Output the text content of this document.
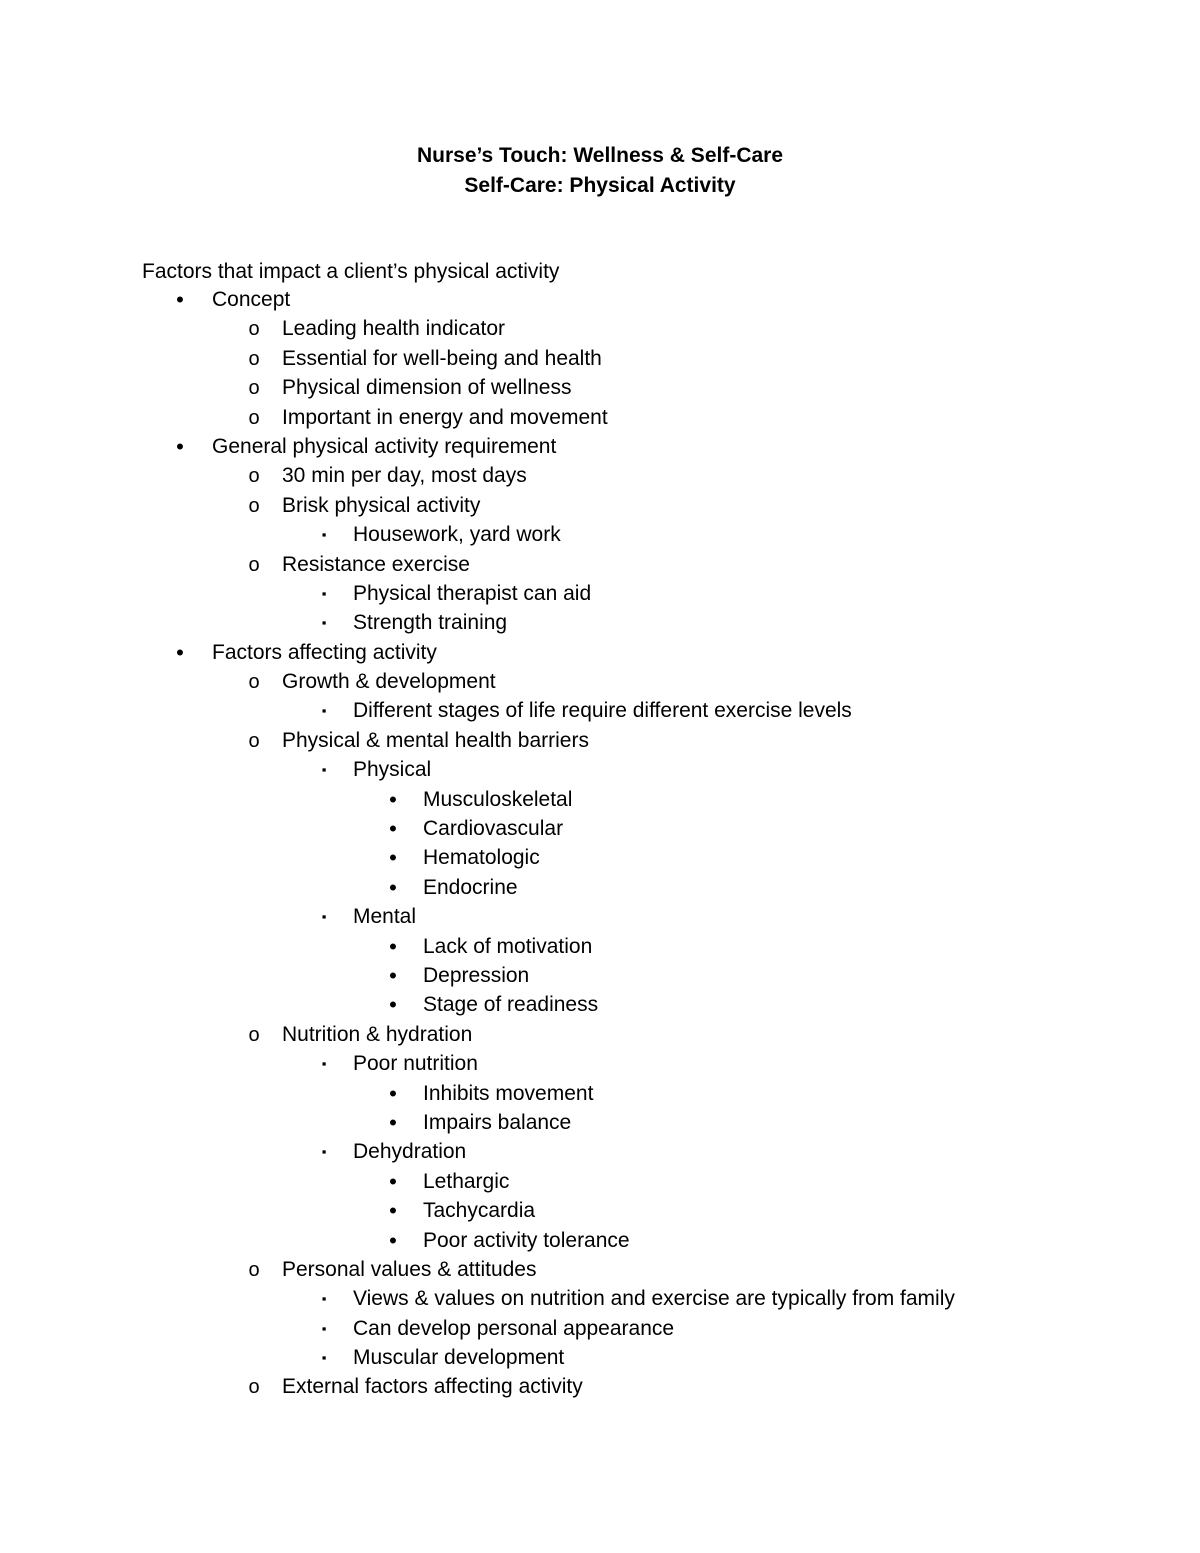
Nurse’s Touch: Wellness & Self-Care
Self-Care: Physical Activity
Factors that impact a client’s physical activity
•	Concept
o	Leading health indicator
o	Essential for well-being and health
o	Physical dimension of wellness
o	Important in energy and movement
•	General physical activity requirement
o	30 min per day, most days
o	Brisk physical activity
▪	Housework, yard work
o	Resistance exercise
▪	Physical therapist can aid
▪	Strength training
•	Factors affecting activity
o	Growth & development
▪	Different stages of life require different exercise levels
o	Physical & mental health barriers
▪	Physical
•	Musculoskeletal
•	Cardiovascular
•	Hematologic
•	Endocrine
▪	Mental
•	Lack of motivation
•	Depression
•	Stage of readiness
o	Nutrition & hydration
▪	Poor nutrition
•	Inhibits movement
•	Impairs balance
▪	Dehydration
•	Lethargic
•	Tachycardia
•	Poor activity tolerance
o	Personal values & attitudes
▪	Views & values on nutrition and exercise are typically from family
▪	Can develop personal appearance
▪	Muscular development
o	External factors affecting activity
